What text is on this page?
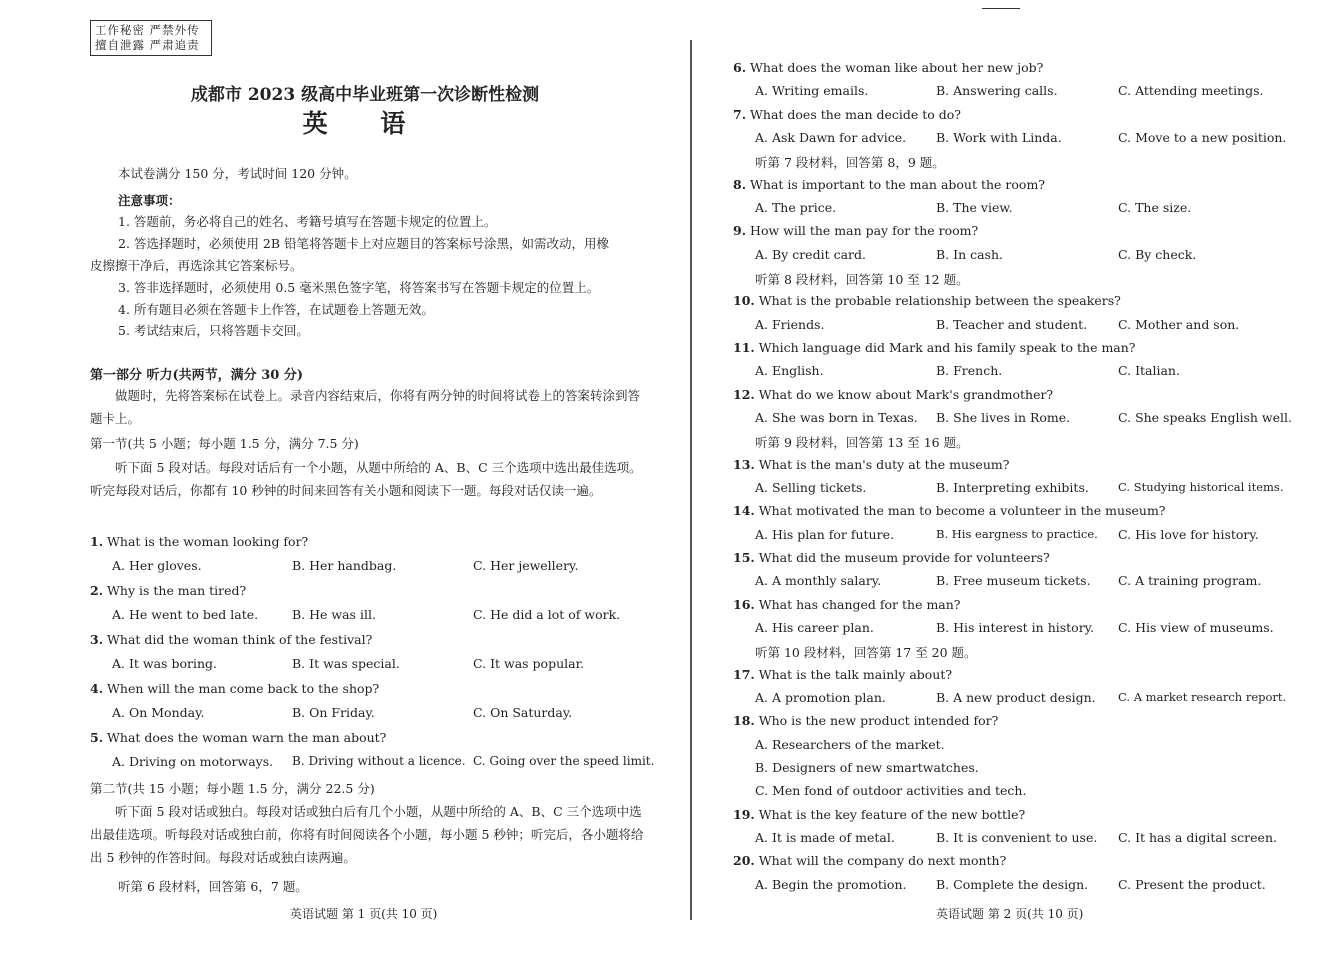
工作秘密 严禁外传
擅自泄露 严肃追责
成都市 2023 级高中毕业班第一次诊断性检测
英 语
本试卷满分 150 分，考试时间 120 分钟。
注意事项：
1. 答题前，务必将自己的姓名、考籍号填写在答题卡规定的位置上。
2. 答选择题时，必须使用 2B 铅笔将答题卡上对应题目的答案标号涂黑，如需改动，用橡
皮擦擦干净后，再选涂其它答案标号。
3. 答非选择题时，必须使用 0.5 毫米黑色签字笔，将答案书写在答题卡规定的位置上。
4. 所有题目必须在答题卡上作答，在试题卷上答题无效。
5. 考试结束后，只将答题卡交回。
第一部分 听力(共两节，满分 30 分)
做题时，先将答案标在试卷上。录音内容结束后，你将有两分钟的时间将试卷上的答案转涂到答题卡上。
第一节(共 5 小题；每小题 1.5 分，满分 7.5 分)
听下面 5 段对话。每段对话后有一个小题，从题中所给的 A、B、C 三个选项中选出最佳选项。听完每段对话后，你都有 10 秒钟的时间来回答有关小题和阅读下一题。每段对话仅读一遍。
1. What is the woman looking for?
A. Her gloves.	B. Her handbag.	C. Her jewellery.
2. Why is the man tired?
A. He went to bed late.	B. He was ill.	C. He did a lot of work.
3. What did the woman think of the festival?
A. It was boring.	B. It was special.	C. It was popular.
4. When will the man come back to the shop?
A. On Monday.	B. On Friday.	C. On Saturday.
5. What does the woman warn the man about?
A. Driving on motorways. B. Driving without a licence. C. Going over the speed limit.
第二节(共 15 小题；每小题 1.5 分，满分 22.5 分)
听下面 5 段对话或独白。每段对话或独白后有几个小题，从题中所给的 A、B、C 三个选项中选出最佳选项。听每段对话或独白前，你将有时间阅读各个小题，每小题 5 秒钟；听完后，各小题将给出 5 秒钟的作答时间。每段对话或独白读两遍。
听第 6 段材料，回答第 6，7 题。
英语试题 第 1 页(共 10 页)
6. What does the woman like about her new job?
A. Writing emails.	B. Answering calls.	C. Attending meetings.
7. What does the man decide to do?
A. Ask Dawn for advice. B. Work with Linda.	C. Move to a new position.
听第 7 段材料，回答第 8，9 题。
8. What is important to the man about the room?
A. The price.	B. The view.	C. The size.
9. How will the man pay for the room?
A. By credit card.	B. In cash.	C. By check.
听第 8 段材料，回答第 10 至 12 题。
10. What is the probable relationship between the speakers?
A. Friends.	B. Teacher and student. C. Mother and son.
11. Which language did Mark and his family speak to the man?
A. English.	B. French.	C. Italian.
12. What do we know about Mark's grandmother?
A. She was born in Texas. B. She lives in Rome.	C. She speaks English well.
听第 9 段材料，回答第 13 至 16 题。
13. What is the man's duty at the museum?
A. Selling tickets.	B. Interpreting exhibits.	C. Studying historical items.
14. What motivated the man to become a volunteer in the museum?
A. His plan for future.	B. His eargness to practice. C. His love for history.
15. What did the museum provide for volunteers?
A. A monthly salary.	B. Free museum tickets. C. A training program.
16. What has changed for the man?
A. His career plan.	B. His interest in history. C. His view of museums.
听第 10 段材料，回答第 17 至 20 题。
17. What is the talk mainly about?
A. A promotion plan.	B. A new product design. C. A market research report.
18. Who is the new product intended for?
A. Researchers of the market.
B. Designers of new smartwatches.
C. Men fond of outdoor activities and tech.
19. What is the key feature of the new bottle?
A. It is made of metal.	B. It is convenient to use. C. It has a digital screen.
20. What will the company do next month?
A. Begin the promotion. B. Complete the design. C. Present the product.
英语试题 第 2 页(共 10 页)
